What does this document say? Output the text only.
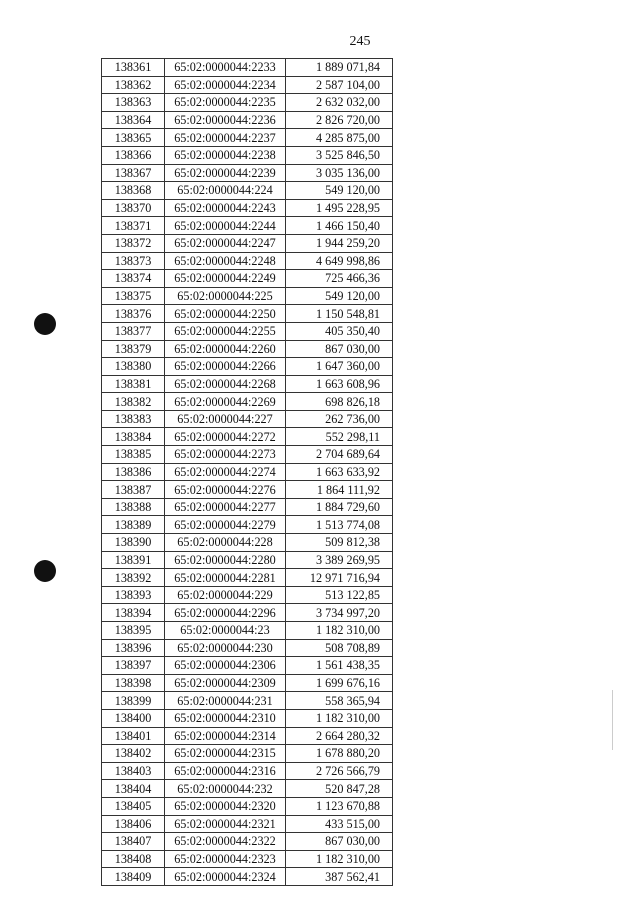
245
138361	65:02:0000044:2233	1 889 071,84
138362	65:02:0000044:2234	2 587 104,00
138363	65:02:0000044:2235	2 632 032,00
138364	65:02:0000044:2236	2 826 720,00
138365	65:02:0000044:2237	4 285 875,00
138366	65:02:0000044:2238	3 525 846,50
138367	65:02:0000044:2239	3 035 136,00
138368	65:02:0000044:224	549 120,00
138370	65:02:0000044:2243	1 495 228,95
138371	65:02:0000044:2244	1 466 150,40
138372	65:02:0000044:2247	1 944 259,20
138373	65:02:0000044:2248	4 649 998,86
138374	65:02:0000044:2249	725 466,36
138375	65:02:0000044:225	549 120,00
138376	65:02:0000044:2250	1 150 548,81
138377	65:02:0000044:2255	405 350,40
138379	65:02:0000044:2260	867 030,00
138380	65:02:0000044:2266	1 647 360,00
138381	65:02:0000044:2268	1 663 608,96
138382	65:02:0000044:2269	698 826,18
138383	65:02:0000044:227	262 736,00
138384	65:02:0000044:2272	552 298,11
138385	65:02:0000044:2273	2 704 689,64
138386	65:02:0000044:2274	1 663 633,92
138387	65:02:0000044:2276	1 864 111,92
138388	65:02:0000044:2277	1 884 729,60
138389	65:02:0000044:2279	1 513 774,08
138390	65:02:0000044:228	509 812,38
138391	65:02:0000044:2280	3 389 269,95
138392	65:02:0000044:2281	12 971 716,94
138393	65:02:0000044:229	513 122,85
138394	65:02:0000044:2296	3 734 997,20
138395	65:02:0000044:23	1 182 310,00
138396	65:02:0000044:230	508 708,89
138397	65:02:0000044:2306	1 561 438,35
138398	65:02:0000044:2309	1 699 676,16
138399	65:02:0000044:231	558 365,94
138400	65:02:0000044:2310	1 182 310,00
138401	65:02:0000044:2314	2 664 280,32
138402	65:02:0000044:2315	1 678 880,20
138403	65:02:0000044:2316	2 726 566,79
138404	65:02:0000044:232	520 847,28
138405	65:02:0000044:2320	1 123 670,88
138406	65:02:0000044:2321	433 515,00
138407	65:02:0000044:2322	867 030,00
138408	65:02:0000044:2323	1 182 310,00
138409	65:02:0000044:2324	387 562,41
